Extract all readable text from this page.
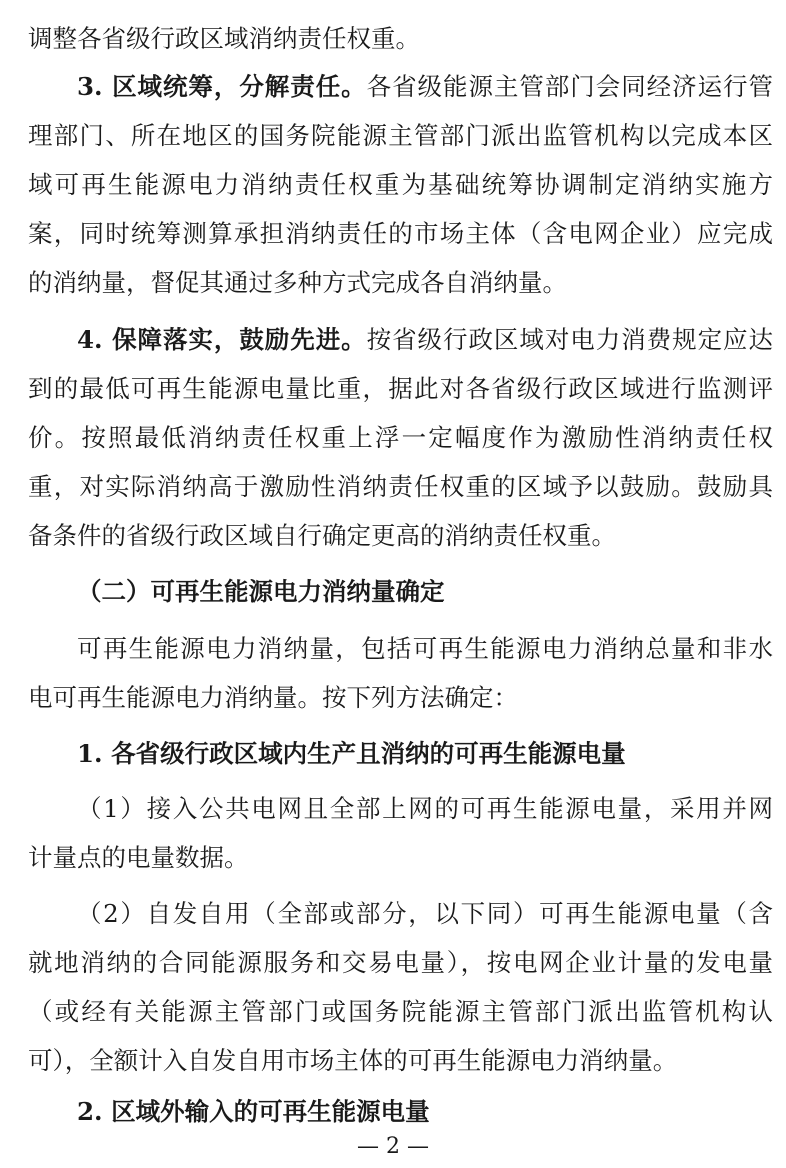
调整各省级行政区域消纳责任权重。
3. 区域统筹，分解责任。各省级能源主管部门会同经济运行管
理部门、所在地区的国务院能源主管部门派出监管机构以完成本区
域可再生能源电力消纳责任权重为基础统筹协调制定消纳实施方
案，同时统筹测算承担消纳责任的市场主体（含电网企业）应完成
的消纳量，督促其通过多种方式完成各自消纳量。
4. 保障落实，鼓励先进。按省级行政区域对电力消费规定应达
到的最低可再生能源电量比重，据此对各省级行政区域进行监测评
价。按照最低消纳责任权重上浮一定幅度作为激励性消纳责任权
重，对实际消纳高于激励性消纳责任权重的区域予以鼓励。鼓励具
备条件的省级行政区域自行确定更高的消纳责任权重。
（二）可再生能源电力消纳量确定
可再生能源电力消纳量，包括可再生能源电力消纳总量和非水
电可再生能源电力消纳量。按下列方法确定：
1. 各省级行政区域内生产且消纳的可再生能源电量
（1）接入公共电网且全部上网的可再生能源电量，采用并网
计量点的电量数据。
（2）自发自用（全部或部分，以下同）可再生能源电量（含
就地消纳的合同能源服务和交易电量），按电网企业计量的发电量
（或经有关能源主管部门或国务院能源主管部门派出监管机构认
可），全额计入自发自用市场主体的可再生能源电力消纳量。
2. 区域外输入的可再生能源电量
— 2 —
